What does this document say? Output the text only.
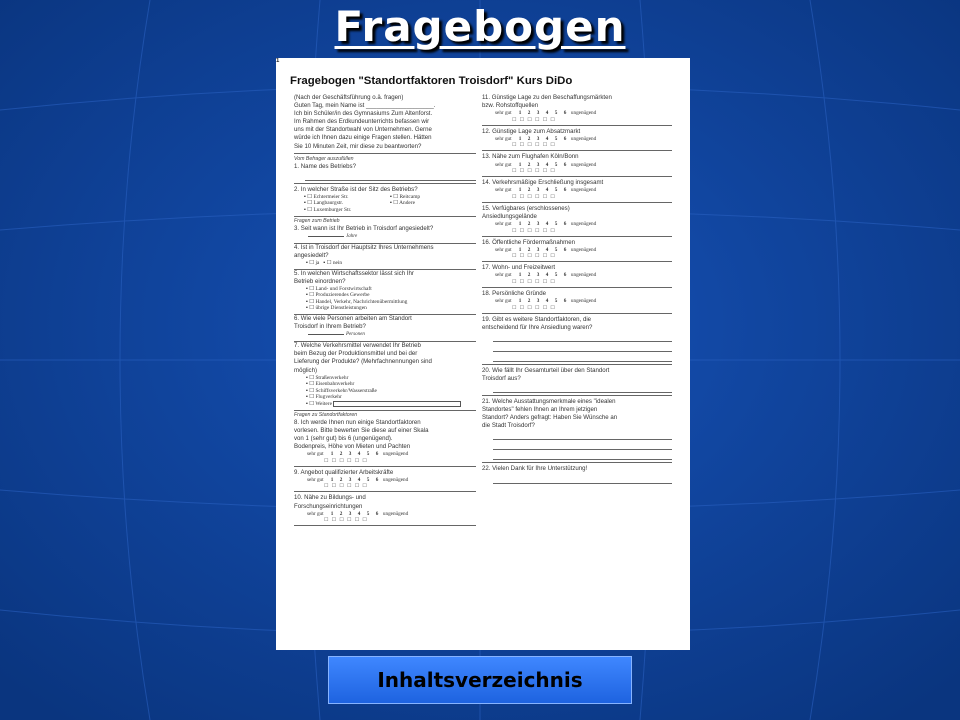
Fragebogen
1
Fragebogen "Standortfaktoren Troisdorf" Kurs DiDo
(Nach der Geschäftsführung o.ä. fragen)
Guten Tag, mein Name ist ____________________.
Ich bin Schüler/in des Gymnasiums Zum Altenforst.
Im Rahmen des Erdkundeunterrichts befassen wir
uns mit der Standortwahl von Unternehmen. Gerne
würde ich Ihnen dazu einige Fragen stellen. Hätten
Sie 10 Minuten Zeit, mir diese zu beantworten?
Vom Befrager auszufüllen
1. Name des Betriebs?
2. In welcher Straße ist der Sitz des Betriebs?
▪ ☐ Echtermeier Str.	▪ ☐ Reitcamp
▪ ☐ Langbaurgstr.	▪ ☐ Andere
▪ ☐ Luxemburger Str.
Fragen zum Betrieb
3. Seit wann ist Ihr Betrieb in Troisdorf angesiedelt?
Jahre
4. Ist in Troisdorf der Hauptsitz Ihres Unternehmens
angesiedelt?
▪ ☐ ja ▪ ☐ nein
5. In welchen Wirtschaftssektor lässt sich Ihr
Betrieb einordnen?
▪ ☐ Land- und Forstwirtschaft
▪ ☐ Produzierendes Gewerbe
▪ ☐ Handel, Verkehr, Nachrichtenübermittlung
▪ ☐ übrige Dienstleistungen
6. Wie viele Personen arbeiten am Standort
Troisdorf in Ihrem Betrieb?
Personen
7. Welche Verkehrsmittel verwendet Ihr Betrieb
beim Bezug der Produktionsmittel und bei der
Lieferung der Produkte? (Mehrfachnennungen sind
möglich)
▪ ☐ Straßenverkehr
▪ ☐ Eisenbahnverkehr
▪ ☐ Schiffsverkehr/Wasserstraße
▪ ☐ Flugverkehr
▪ ☐ Weitere
Fragen zu Standortfaktoren
8. Ich werde Ihnen nun einige Standortfaktoren
vorlesen. Bitte bewerten Sie diese auf einer Skala
von 1 (sehr gut) bis 6 (ungenügend).
Bodenpreis, Höhe von Mieten und Pachten
sehr gut 1 2 3 4 5 6 ungenügend
☐☐☐☐☐☐
9. Angebot qualifizierter Arbeitskräfte
sehr gut 1 2 3 4 5 6 ungenügend
☐☐☐☐☐☐
10. Nähe zu Bildungs- und
Forschungseinrichtungen
sehr gut 1 2 3 4 5 6 ungenügend
☐☐☐☐☐☐
11. Günstige Lage zu den Beschaffungsmärkten
bzw. Rohstoffquellen
sehr gut 1 2 3 4 5 6 ungenügend
☐☐☐☐☐☐
12. Günstige Lage zum Absatzmarkt
sehr gut 1 2 3 4 5 6 ungenügend
☐☐☐☐☐☐
13. Nähe zum Flughafen Köln/Bonn
sehr gut 1 2 3 4 5 6 ungenügend
☐☐☐☐☐☐
14. Verkehrsmäßige Erschließung insgesamt
sehr gut 1 2 3 4 5 6 ungenügend
☐☐☐☐☐☐
15. Verfügbares (erschlossenes)
Ansiedlungsgelände
sehr gut 1 2 3 4 5 6 ungenügend
☐☐☐☐☐☐
16. Öffentliche Fördermaßnahmen
sehr gut 1 2 3 4 5 6 ungenügend
☐☐☐☐☐☐
17. Wohn- und Freizeitwert
sehr gut 1 2 3 4 5 6 ungenügend
☐☐☐☐☐☐
18. Persönliche Gründe
sehr gut 1 2 3 4 5 6 ungenügend
☐☐☐☐☐☐
19. Gibt es weitere Standortfaktoren, die
entscheidend für Ihre Ansiedlung waren?
20. Wie fällt Ihr Gesamturteil über den Standort
Troisdorf aus?
21. Welche Ausstattungsmerkmale eines "idealen
Standortes" fehlen Ihnen an Ihrem jetzigen
Standort? Anders gefragt: Haben Sie Wünsche an
die Stadt Troisdorf?
22. Vielen Dank für Ihre Unterstützung!
Inhaltsverzeichnis
